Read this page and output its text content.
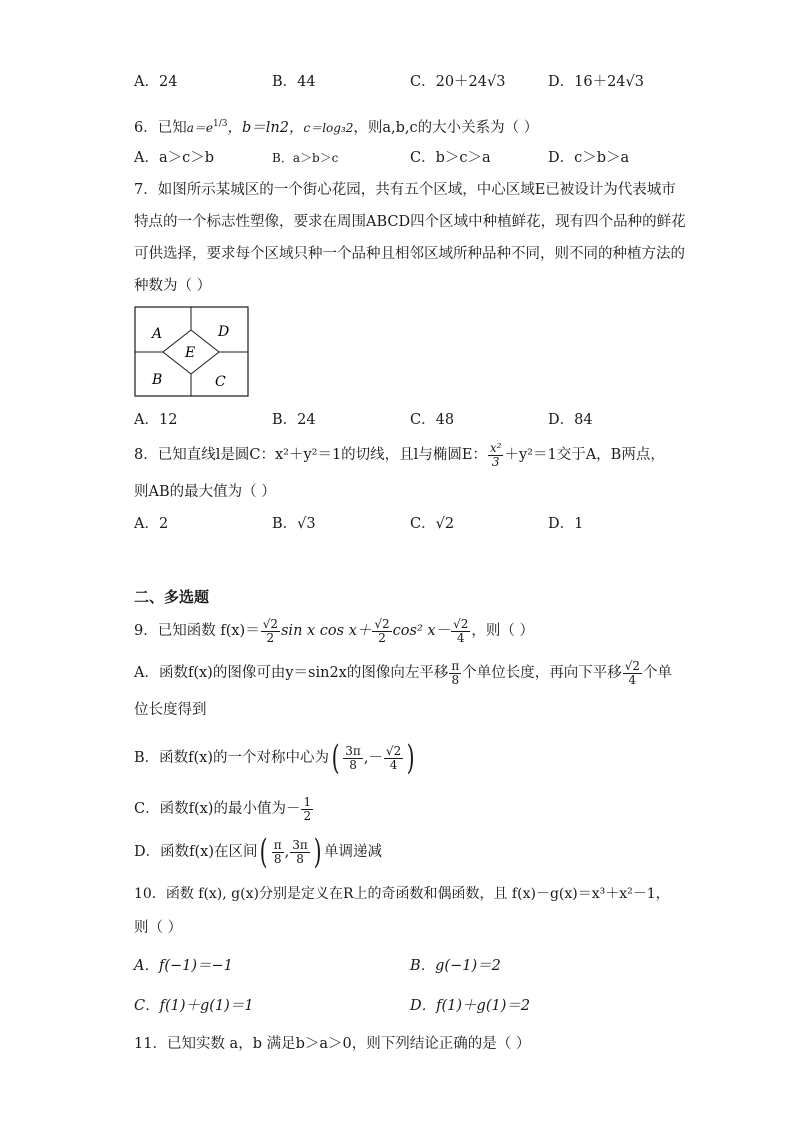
A．24	B．44	C．20＋24√3	D．16＋24√3
6．已知$a=e^{1/3}$，b＝ln2，c＝log₃2，则a,b,c的大小关系为（ ）
A．a＞c＞b	B．a＞b＞c	C．b＞c＞a	D．c＞b＞a
7．如图所示某城区的一个街心花园，共有五个区域，中心区域E已被设计为代表城市
特点的一个标志性塑像，要求在周围ABCD四个区域中种植鲜花，现有四个品种的鲜花
可供选择，要求每个区域只种一个品种且相邻区域所种品种不同，则不同的种植方法的
种数为（ ）
A	D
E
B	C
A．12	B．24	C．48	D．84
8．已知直线l是圆C：x²＋y²＝1的切线，且l与椭圆E： $\frac{\text{x²}}{3} +y^2=1$交于A，B两点，
则AB的最大值为（ ）
A．2	B．√3	C．√2	D．1
二、多选题
9．已知函数 $f(x)= \frac{√2}{2}$ sin x $\cos x+ \frac{√2}{2} \cos^2$ $x- \frac{√2}{4}$ ，则（ ）
A．函数f(x)的图像可由y＝sin2x的图像向左平移 $\frac{\pi}{8}$ 个单位长度，再向下平移 $\frac{√2}{4}$ 个单
位长度得到
B．函数f(x)的一个对称中心为( $\frac{3\pi}{8}$ ,－ $\frac{√2}{4}$ )
C．函数f(x)的最小值为－ $\frac{1}{2}$
D．函数f(x)在区间( $\frac{\pi}{8}$ , $\frac{3\pi}{8}$ ) 单调递减
10．函数 f(x), g(x)分别是定义在R上的奇函数和偶函数，且 f(x)－g(x)＝x³＋x²－1，
则（ ）
A．f(−1)＝−1	B．g(−1)＝2
C．f(1)＋g(1)＝1	D．f(1)＋g(1)＝2
11．已知实数 a，b 满足b＞a＞0，则下列结论正确的是（ ）
